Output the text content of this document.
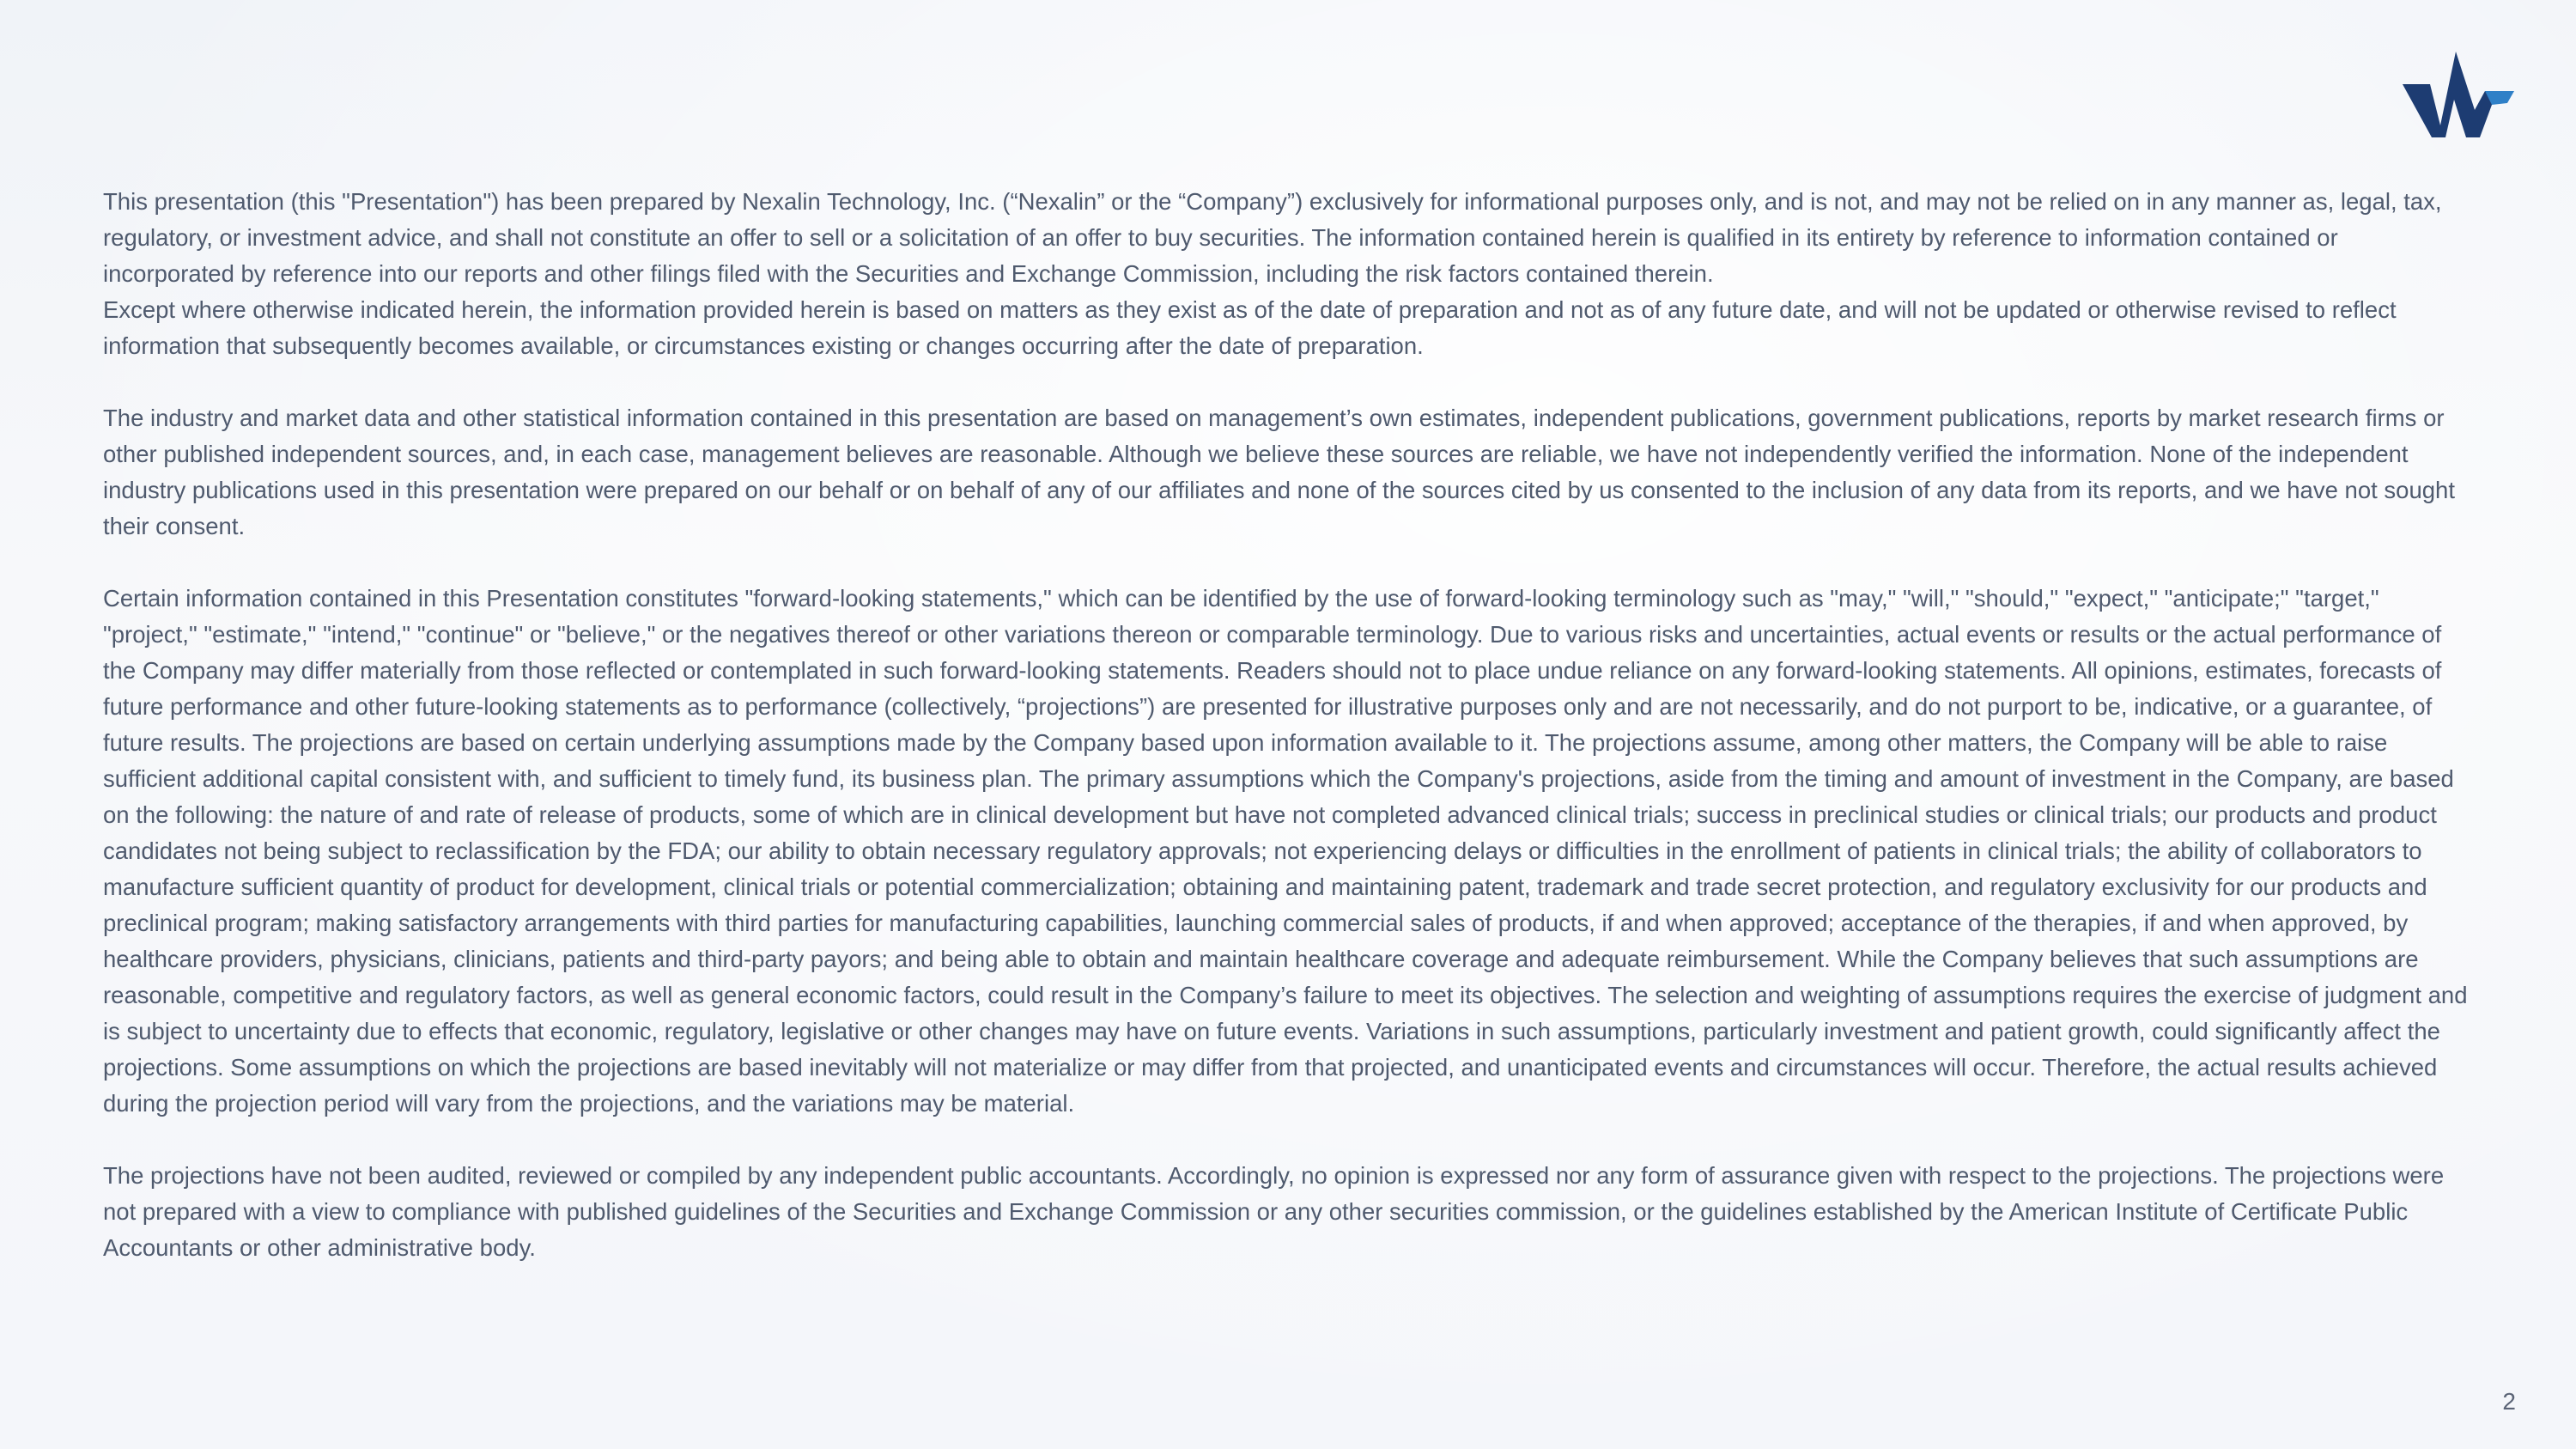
This presentation (this "Presentation") has been prepared by Nexalin Technology, Inc. (“Nexalin” or the “Company”) exclusively for informational purposes only, and is not, and may not be relied on in any manner as, legal, tax, regulatory, or investment advice, and shall not constitute an offer to sell or a solicitation of an offer to buy securities. The information contained herein is qualified in its entirety by reference to information contained or incorporated by reference into our reports and other filings filed with the Securities and Exchange Commission, including the risk factors contained therein.

Except where otherwise indicated herein, the information provided herein is based on matters as they exist as of the date of preparation and not as of any future date, and will not be updated or otherwise revised to reflect information that subsequently becomes available, or circumstances existing or changes occurring after the date of preparation.

The industry and market data and other statistical information contained in this presentation are based on management’s own estimates, independent publications, government publications, reports by market research firms or other published independent sources, and, in each case, management believes are reasonable. Although we believe these sources are reliable, we have not independently verified the information. None of the independent industry publications used in this presentation were prepared on our behalf or on behalf of any of our affiliates and none of the sources cited by us consented to the inclusion of any data from its reports, and we have not sought their consent.

Certain information contained in this Presentation constitutes "forward-looking statements," which can be identified by the use of forward-looking terminology such as "may," "will," "should," "expect," "anticipate;" "target," "project," "estimate," "intend," "continue" or "believe," or the negatives thereof or other variations thereon or comparable terminology. Due to various risks and uncertainties, actual events or results or the actual performance of the Company may differ materially from those reflected or contemplated in such forward-looking statements. Readers should not to place undue reliance on any forward-looking statements. All opinions, estimates, forecasts of future performance and other future-looking statements as to performance (collectively, “projections”) are presented for illustrative purposes only and are not necessarily, and do not purport to be, indicative, or a guarantee, of future results. The projections are based on certain underlying assumptions made by the Company based upon information available to it. The projections assume, among other matters, the Company will be able to raise sufficient additional capital consistent with, and sufficient to timely fund, its business plan. The primary assumptions which the Company's projections, aside from the timing and amount of investment in the Company, are based on the following: the nature of and rate of release of products, some of which are in clinical development but have not completed advanced clinical trials; success in preclinical studies or clinical trials; our products and product candidates not being subject to reclassification by the FDA; our ability to obtain necessary regulatory approvals; not experiencing delays or difficulties in the enrollment of patients in clinical trials; the ability of collaborators to manufacture sufficient quantity of product for development, clinical trials or potential commercialization; obtaining and maintaining patent, trademark and trade secret protection, and regulatory exclusivity for our products and preclinical program; making satisfactory arrangements with third parties for manufacturing capabilities, launching commercial sales of products, if and when approved; acceptance of the therapies, if and when approved, by healthcare providers, physicians, clinicians, patients and third-party payors; and being able to obtain and maintain healthcare coverage and adequate reimbursement. While the Company believes that such assumptions are reasonable, competitive and regulatory factors, as well as general economic factors, could result in the Company’s failure to meet its objectives. The selection and weighting of assumptions requires the exercise of judgment and is subject to uncertainty due to effects that economic, regulatory, legislative or other changes may have on future events. Variations in such assumptions, particularly investment and patient growth, could significantly affect the projections. Some assumptions on which the projections are based inevitably will not materialize or may differ from that projected, and unanticipated events and circumstances will occur. Therefore, the actual results achieved during the projection period will vary from the projections, and the variations may be material.

The projections have not been audited, reviewed or compiled by any independent public accountants. Accordingly, no opinion is expressed nor any form of assurance given with respect to the projections. The projections were not prepared with a view to compliance with published guidelines of the Securities and Exchange Commission or any other securities commission, or the guidelines established by the American Institute of Certificate Public Accountants or other administrative body.

2
